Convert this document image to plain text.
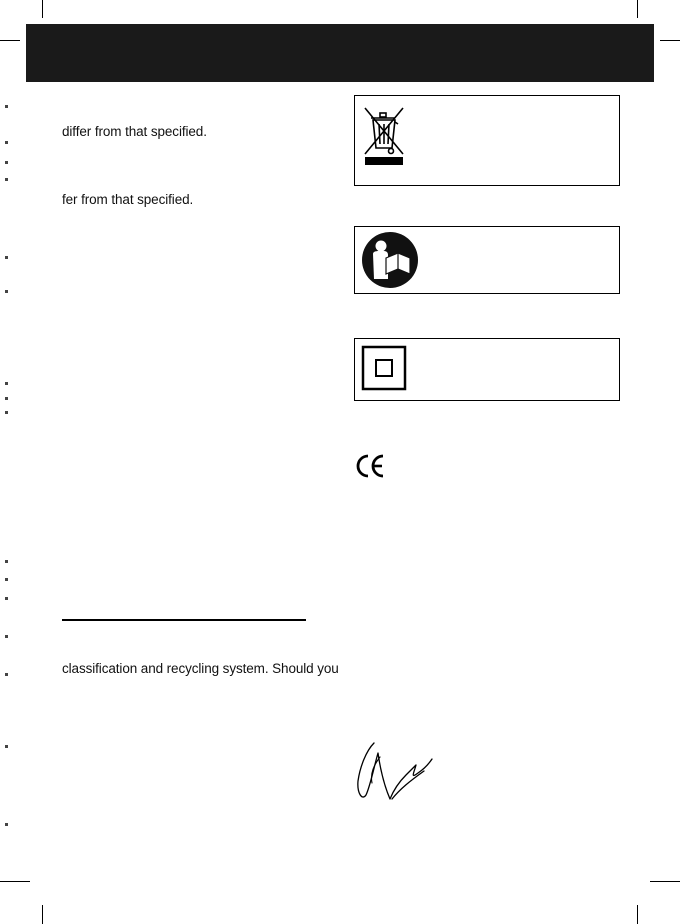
differ from that specified.
fer from that specified.
classification and recycling system. Should you
